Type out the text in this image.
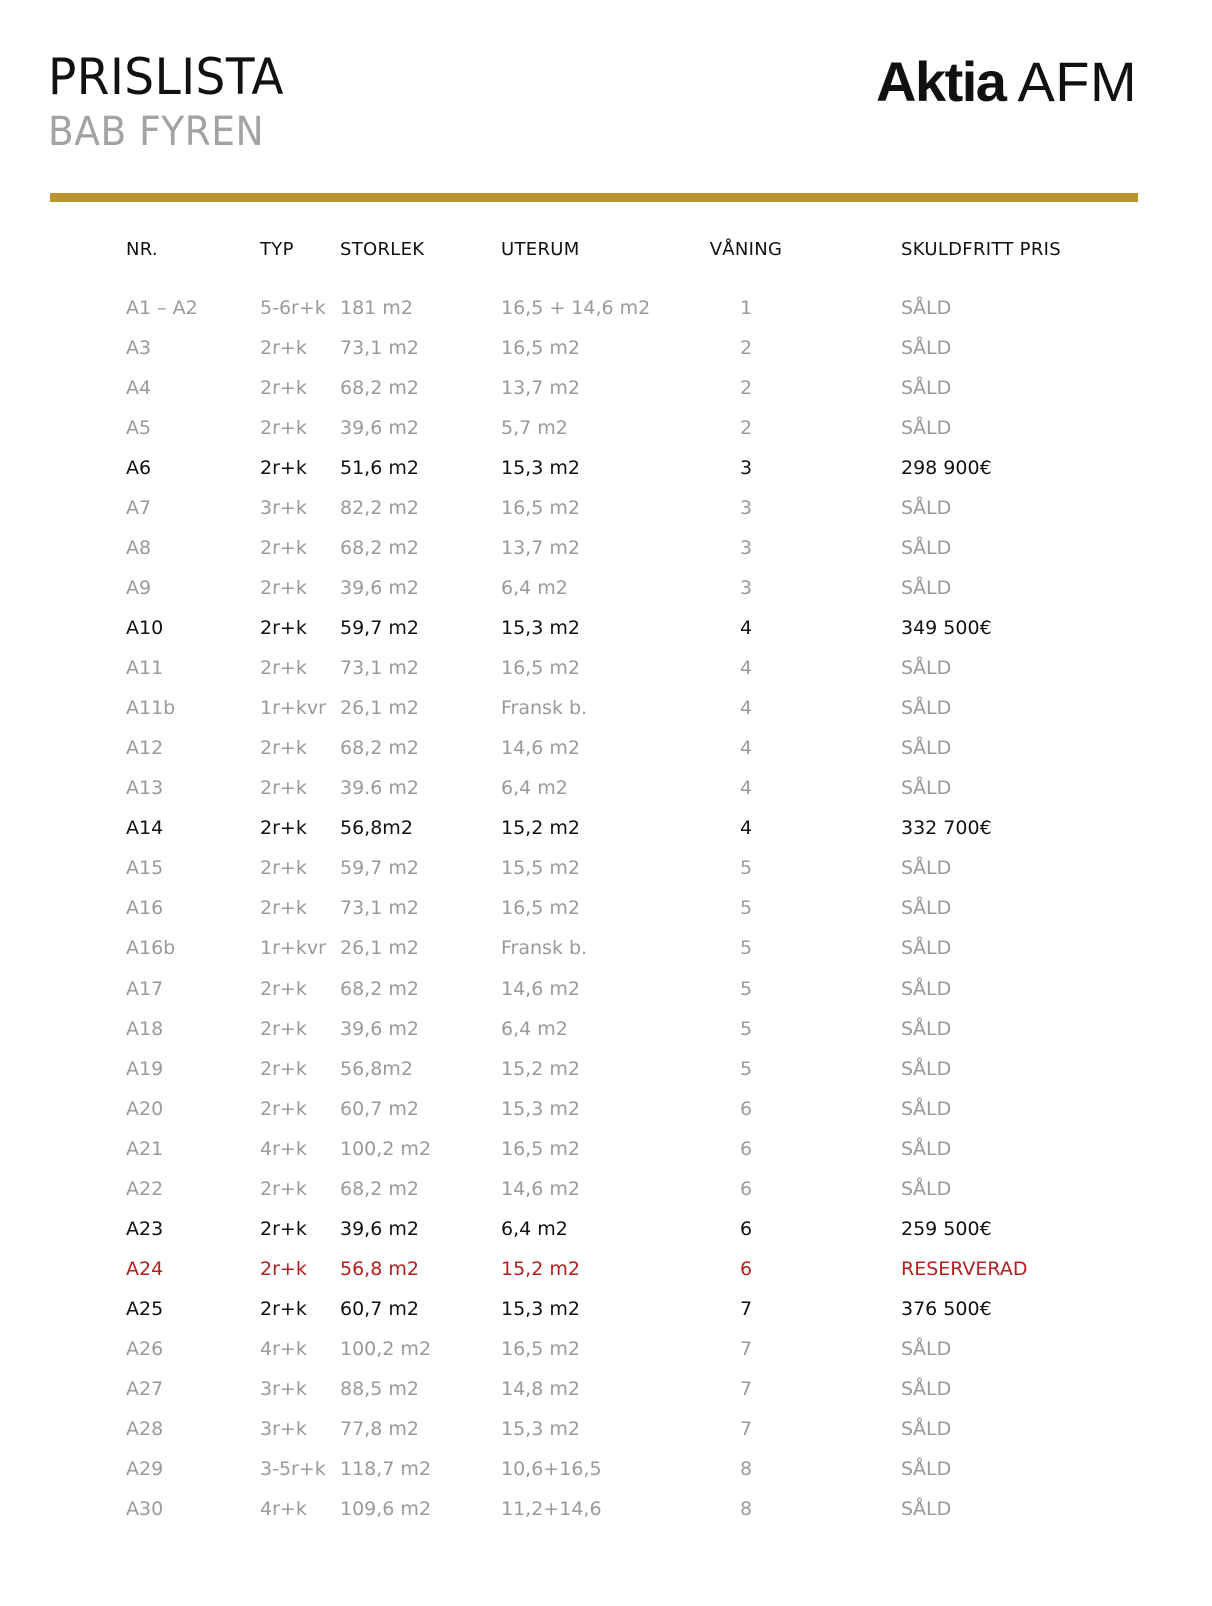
PRISLISTA
BAB FYREN
Aktia AFM
NR.	TYP	STORLEK	UTERUM	VÅNING	SKULDFRITT PRIS
A1 – A2	5-6r+k 181 m2	16,5 + 14,6 m2	1	SÅLD
A3	2r+k 73,1 m2	16,5 m2	2	SÅLD
A4	2r+k 68,2 m2	13,7 m2	2	SÅLD
A5	2r+k 39,6 m2	5,7 m2	2	SÅLD
A6	2r+k 51,6 m2	15,3 m2	3	298 900€
A7	3r+k 82,2 m2	16,5 m2	3	SÅLD
A8	2r+k 68,2 m2	13,7 m2	3	SÅLD
A9	2r+k 39,6 m2	6,4 m2	3	SÅLD
A10	2r+k 59,7 m2	15,3 m2	4	349 500€
A11	2r+k 73,1 m2	16,5 m2	4	SÅLD
A11b	1r+kvr 26,1 m2	Fransk b.	4	SÅLD
A12	2r+k 68,2 m2	14,6 m2	4	SÅLD
A13	2r+k 39.6 m2	6,4 m2	4	SÅLD
A14	2r+k 56,8m2	15,2 m2	4	332 700€
A15	2r+k 59,7 m2	15,5 m2	5	SÅLD
A16	2r+k 73,1 m2	16,5 m2	5	SÅLD
A16b	1r+kvr 26,1 m2	Fransk b.	5	SÅLD
A17	2r+k 68,2 m2	14,6 m2	5	SÅLD
A18	2r+k 39,6 m2	6,4 m2	5	SÅLD
A19	2r+k 56,8m2	15,2 m2	5	SÅLD
A20	2r+k 60,7 m2	15,3 m2	6	SÅLD
A21	4r+k 100,2 m2	16,5 m2	6	SÅLD
A22	2r+k 68,2 m2	14,6 m2	6	SÅLD
A23	2r+k 39,6 m2	6,4 m2	6	259 500€
A24	2r+k 56,8 m2	15,2 m2	6	RESERVERAD
A25	2r+k 60,7 m2	15,3 m2	7	376 500€
A26	4r+k 100,2 m2	16,5 m2	7	SÅLD
A27	3r+k 88,5 m2	14,8 m2	7	SÅLD
A28	3r+k 77,8 m2	15,3 m2	7	SÅLD
A29	3-5r+k 118,7 m2	10,6+16,5	8	SÅLD
A30	4r+k 109,6 m2	11,2+14,6	8	SÅLD
